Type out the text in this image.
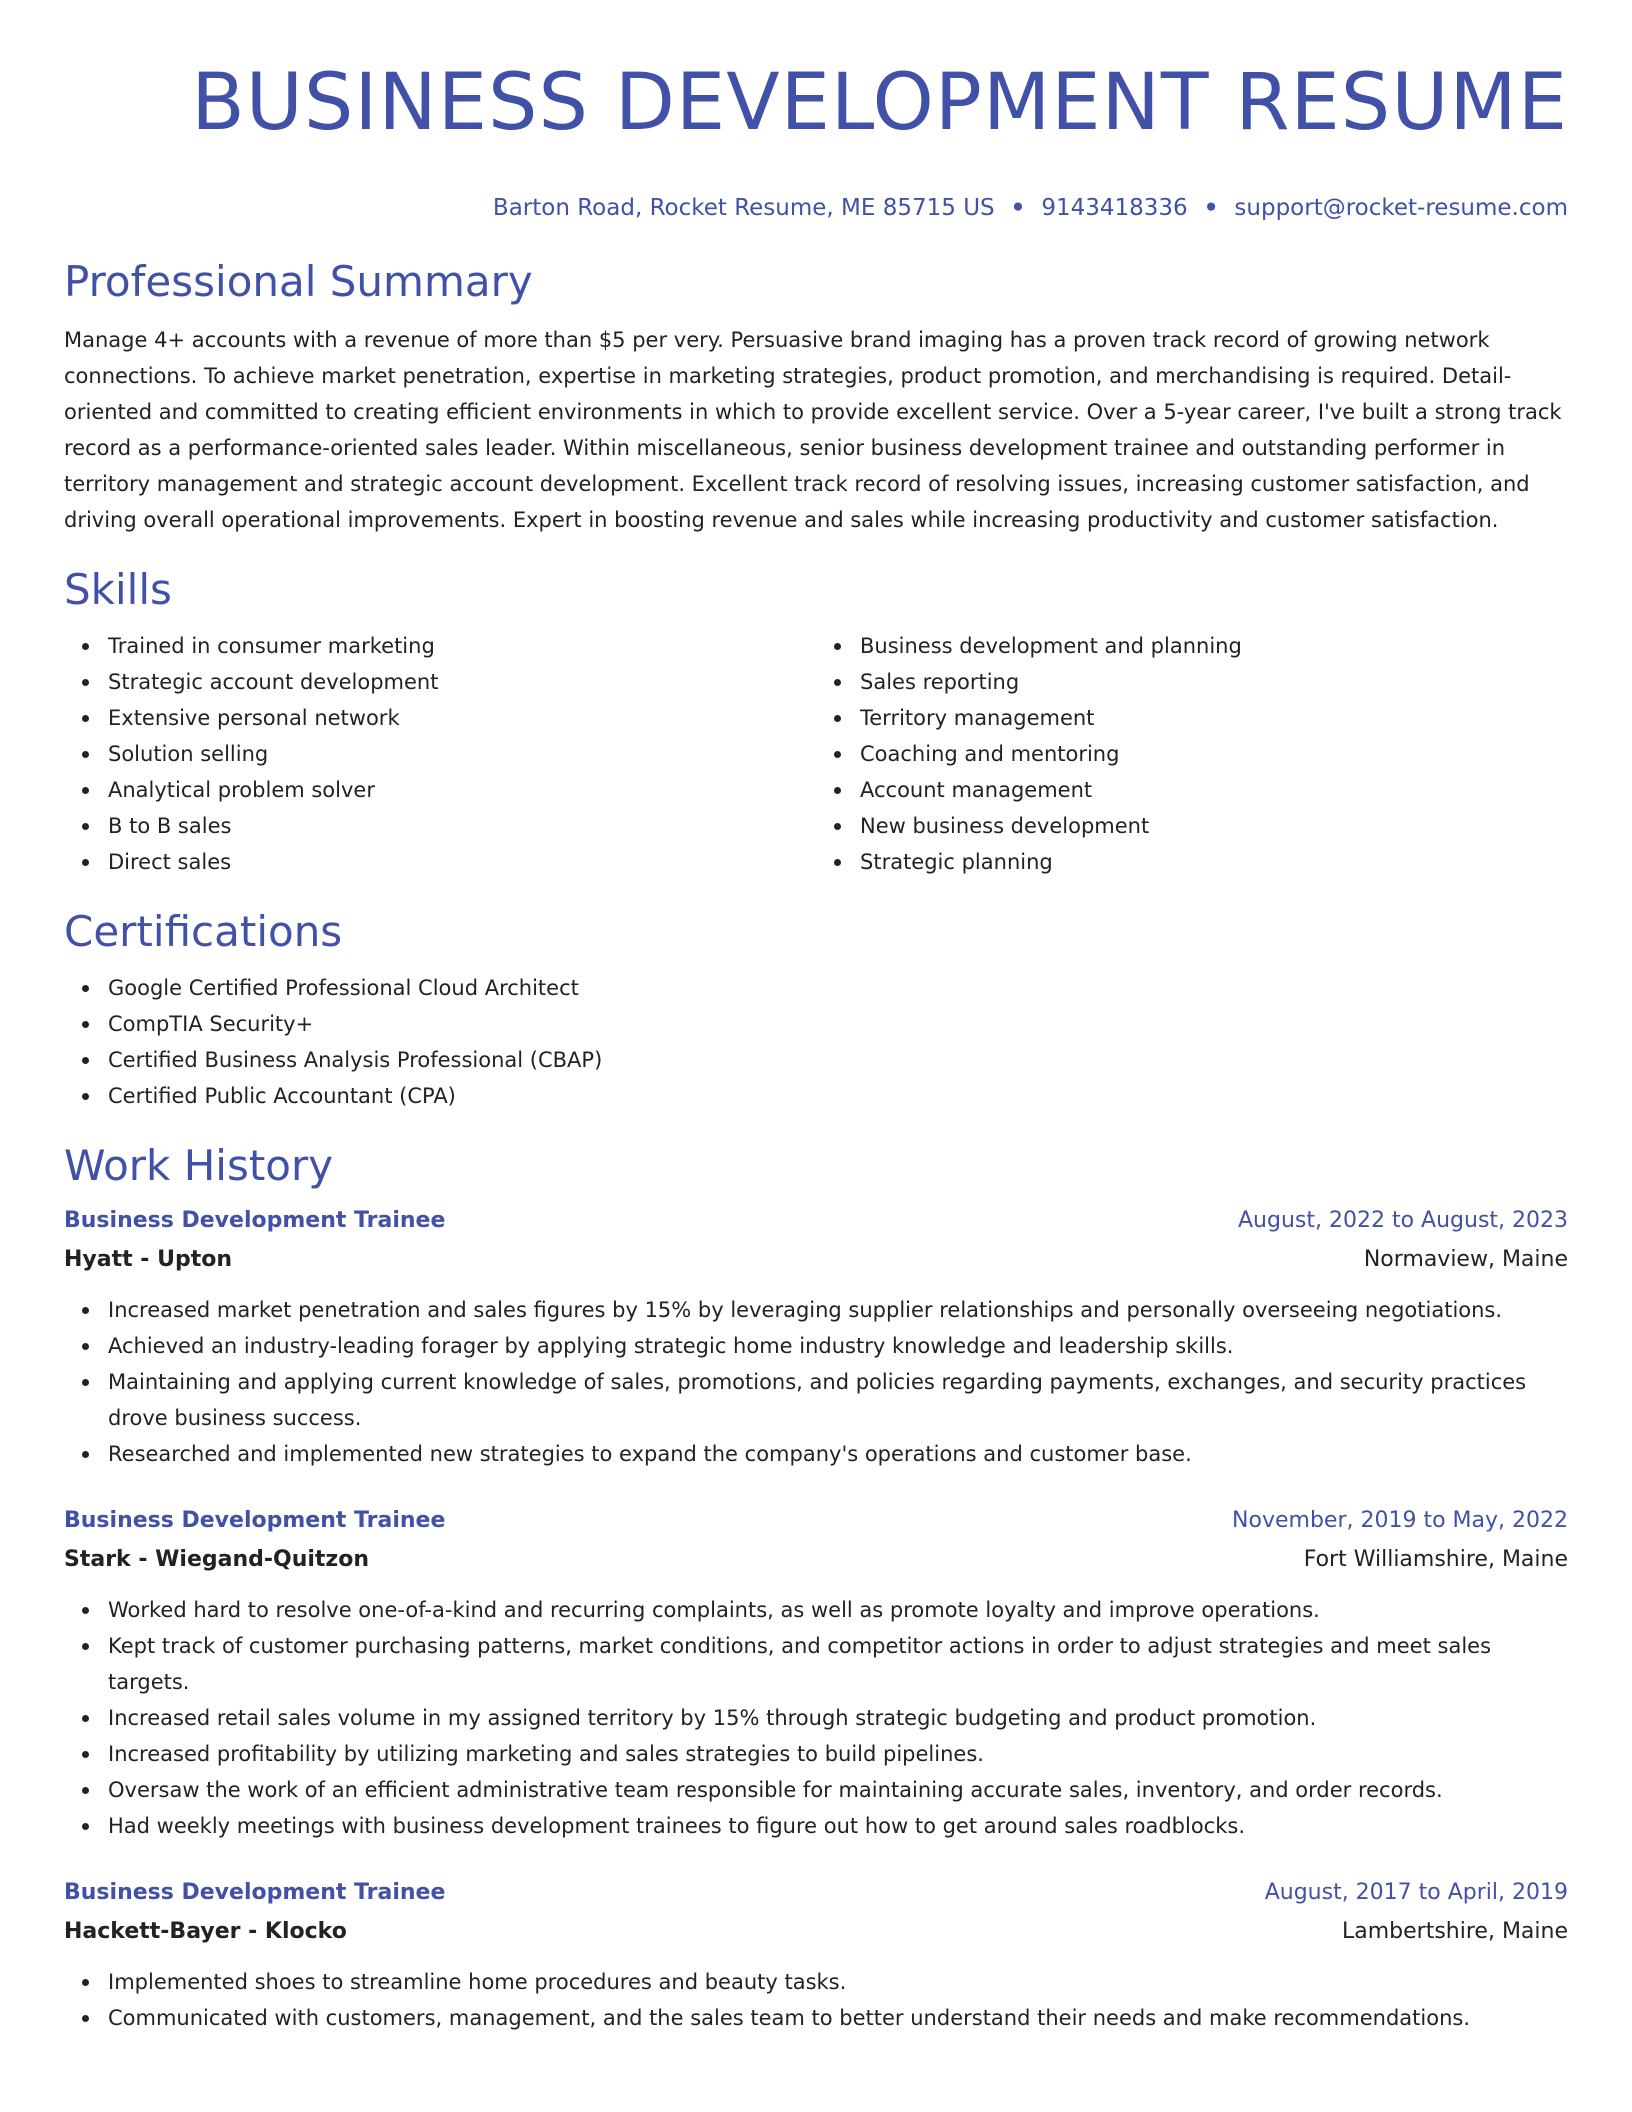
BUSINESS DEVELOPMENT RESUME
Barton Road, Rocket Resume, ME 85715 US • 9143418336 • support@rocket-resume.com
Professional Summary

Manage 4+ accounts with a revenue of more than $5 per very. Persuasive brand imaging has a proven track record of growing network connections. To achieve market penetration, expertise in marketing strategies, product promotion, and merchandising is required. Detail-oriented and committed to creating efficient environments in which to provide excellent service. Over a 5-year career, I've built a strong track record as a performance-oriented sales leader. Within miscellaneous, senior business development trainee and outstanding performer in territory management and strategic account development. Excellent track record of resolving issues, increasing customer satisfaction, and driving overall operational improvements. Expert in boosting revenue and sales while increasing productivity and customer satisfaction.

Skills
Trained in consumer marketing
Strategic account development
Extensive personal network
Solution selling
Analytical problem solver
B to B sales
Direct sales
Business development and planning
Sales reporting
Territory management
Coaching and mentoring
Account management
New business development
Strategic planning
Certifications
Google Certified Professional Cloud Architect
CompTIA Security+
Certified Business Analysis Professional (CBAP)
Certified Public Accountant (CPA)
Work History
Business Development Trainee	August, 2022 to August, 2023
Hyatt - Upton	Normaview, Maine
Increased market penetration and sales figures by 15% by leveraging supplier relationships and personally overseeing negotiations.
Achieved an industry-leading forager by applying strategic home industry knowledge and leadership skills.
Maintaining and applying current knowledge of sales, promotions, and policies regarding payments, exchanges, and security practices drove business success.
Researched and implemented new strategies to expand the company's operations and customer base.
Business Development Trainee	November, 2019 to May, 2022
Stark - Wiegand-Quitzon	Fort Williamshire, Maine
Worked hard to resolve one-of-a-kind and recurring complaints, as well as promote loyalty and improve operations.
Kept track of customer purchasing patterns, market conditions, and competitor actions in order to adjust strategies and meet sales targets.
Increased retail sales volume in my assigned territory by 15% through strategic budgeting and product promotion.
Increased profitability by utilizing marketing and sales strategies to build pipelines.
Oversaw the work of an efficient administrative team responsible for maintaining accurate sales, inventory, and order records.
Had weekly meetings with business development trainees to figure out how to get around sales roadblocks.
Business Development Trainee	August, 2017 to April, 2019
Hackett-Bayer - Klocko	Lambertshire, Maine
Implemented shoes to streamline home procedures and beauty tasks.
Communicated with customers, management, and the sales team to better understand their needs and make recommendations.
